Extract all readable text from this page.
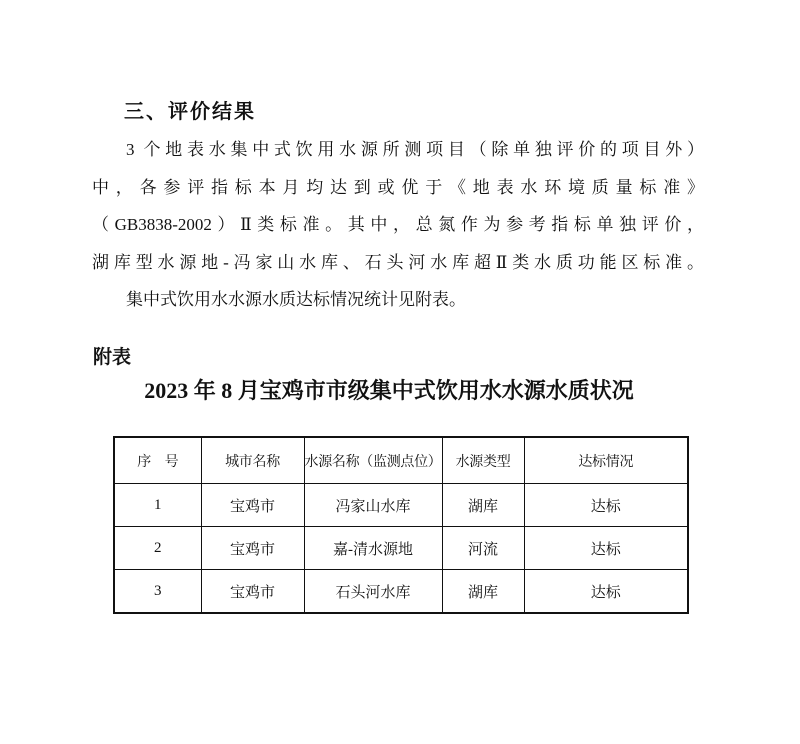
三、评价结果
3 个地表水集中式饮用水源所测项目（除单独评价的项目外）
中，各参评指标本月均达到或优于《地表水环境质量标准》
（GB3838-2002）Ⅱ类标准。其中，总氮作为参考指标单独评价，
湖库型水源地-冯家山水库、石头河水库超Ⅱ类水质功能区标准。
集中式饮用水水源水质达标情况统计见附表。
附表
2023 年 8 月宝鸡市市级集中式饮用水水源水质状况
序　号	城市名称	水源名称（监测点位）	水源类型	达标情况
1	宝鸡市	冯家山水库	湖库	达标
2	宝鸡市	嘉-清水源地	河流	达标
3	宝鸡市	石头河水库	湖库	达标
